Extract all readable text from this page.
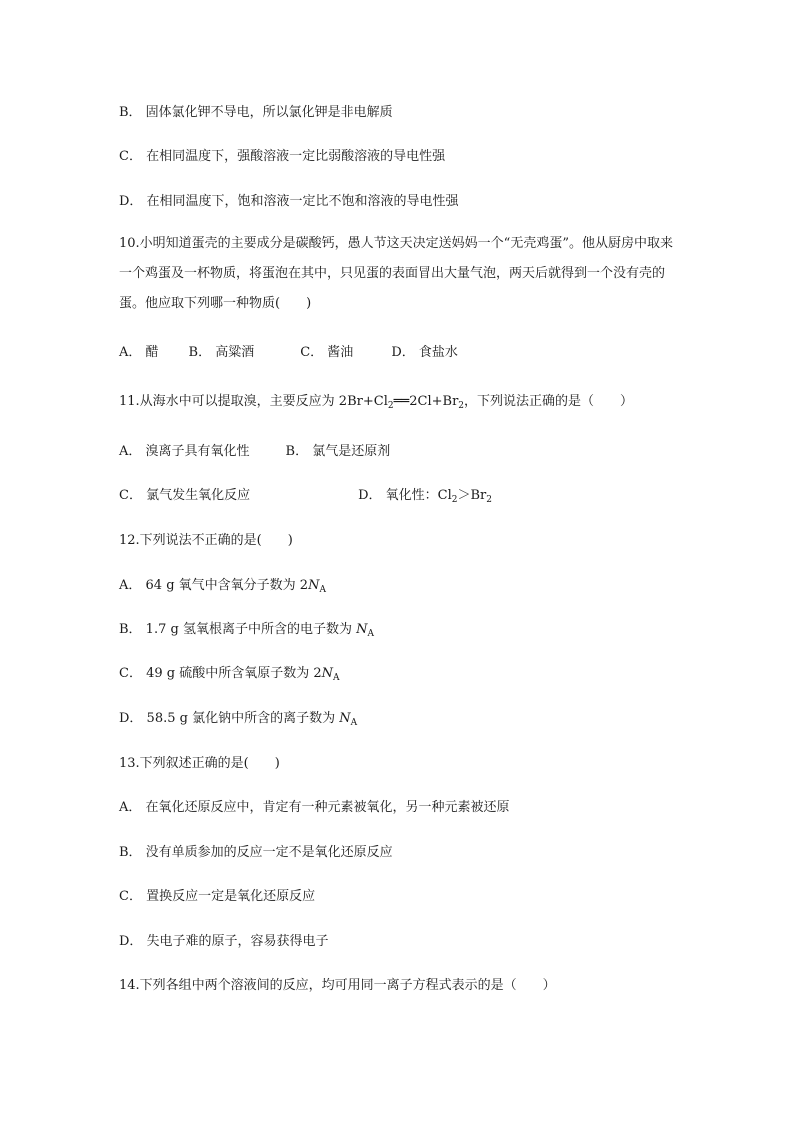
B． 固体氯化钾不导电，所以氯化钾是非电解质
C． 在相同温度下，强酸溶液一定比弱酸溶液的导电性强
D． 在相同温度下，饱和溶液一定比不饱和溶液的导电性强
10.小明知道蛋壳的主要成分是碳酸钙，愚人节这天决定送妈妈一个“无壳鸡蛋”。他从厨房中取来一个鸡蛋及一杯物质，将蛋泡在其中，只见蛋的表面冒出大量气泡，两天后就得到一个没有壳的蛋。他应取下列哪一种物质(　　)
A． 醋 B． 高粱酒	C． 酱油	D． 食盐水
11.从海水中可以提取溴，主要反应为 $2Br+Cl_2══2Cl+Br_2$，下列说法正确的是（　　）
A． 溴离子具有氧化性	B． 氯气是还原剂
C． 氯气发生氧化反应	D． 氧化性：$Cl_2>Br_2$
12.下列说法不正确的是(　　)
A． 64 g 氧气中含氧分子数为 $2N_A$
B． 1.7 g 氢氧根离子中所含的电子数为 $N_A$
C． 49 g 硫酸中所含氧原子数为 $2N_A$
D． 58.5 g 氯化钠中所含的离子数为 $N_A$
13.下列叙述正确的是(　　)
A． 在氧化还原反应中，肯定有一种元素被氧化，另一种元素被还原
B． 没有单质参加的反应一定不是氧化还原反应
C． 置换反应一定是氧化还原反应
D． 失电子难的原子，容易获得电子
14.下列各组中两个溶液间的反应，均可用同一离子方程式表示的是（　　）
